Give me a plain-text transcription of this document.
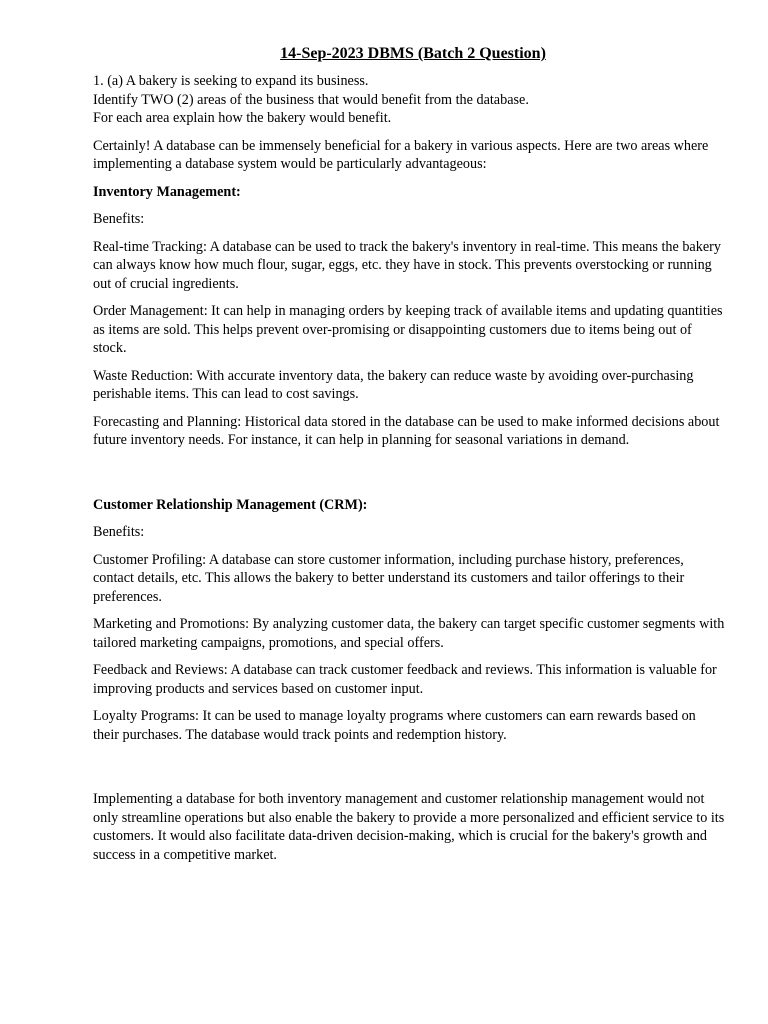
14-Sep-2023 DBMS (Batch 2 Question)
1. (a) A bakery is seeking to expand its business.
Identify TWO (2) areas of the business that would benefit from the database.
For each area explain how the bakery would benefit.
Certainly! A database can be immensely beneficial for a bakery in various aspects. Here are two areas where implementing a database system would be particularly advantageous:
Inventory Management:
Benefits:
Real-time Tracking: A database can be used to track the bakery's inventory in real-time. This means the bakery can always know how much flour, sugar, eggs, etc. they have in stock. This prevents overstocking or running out of crucial ingredients.
Order Management: It can help in managing orders by keeping track of available items and updating quantities as items are sold. This helps prevent over-promising or disappointing customers due to items being out of stock.
Waste Reduction: With accurate inventory data, the bakery can reduce waste by avoiding over-purchasing perishable items. This can lead to cost savings.
Forecasting and Planning: Historical data stored in the database can be used to make informed decisions about future inventory needs. For instance, it can help in planning for seasonal variations in demand.
Customer Relationship Management (CRM):
Benefits:
Customer Profiling: A database can store customer information, including purchase history, preferences, contact details, etc. This allows the bakery to better understand its customers and tailor offerings to their preferences.
Marketing and Promotions: By analyzing customer data, the bakery can target specific customer segments with tailored marketing campaigns, promotions, and special offers.
Feedback and Reviews: A database can track customer feedback and reviews. This information is valuable for improving products and services based on customer input.
Loyalty Programs: It can be used to manage loyalty programs where customers can earn rewards based on their purchases. The database would track points and redemption history.
Implementing a database for both inventory management and customer relationship management would not only streamline operations but also enable the bakery to provide a more personalized and efficient service to its customers. It would also facilitate data-driven decision-making, which is crucial for the bakery's growth and success in a competitive market.
